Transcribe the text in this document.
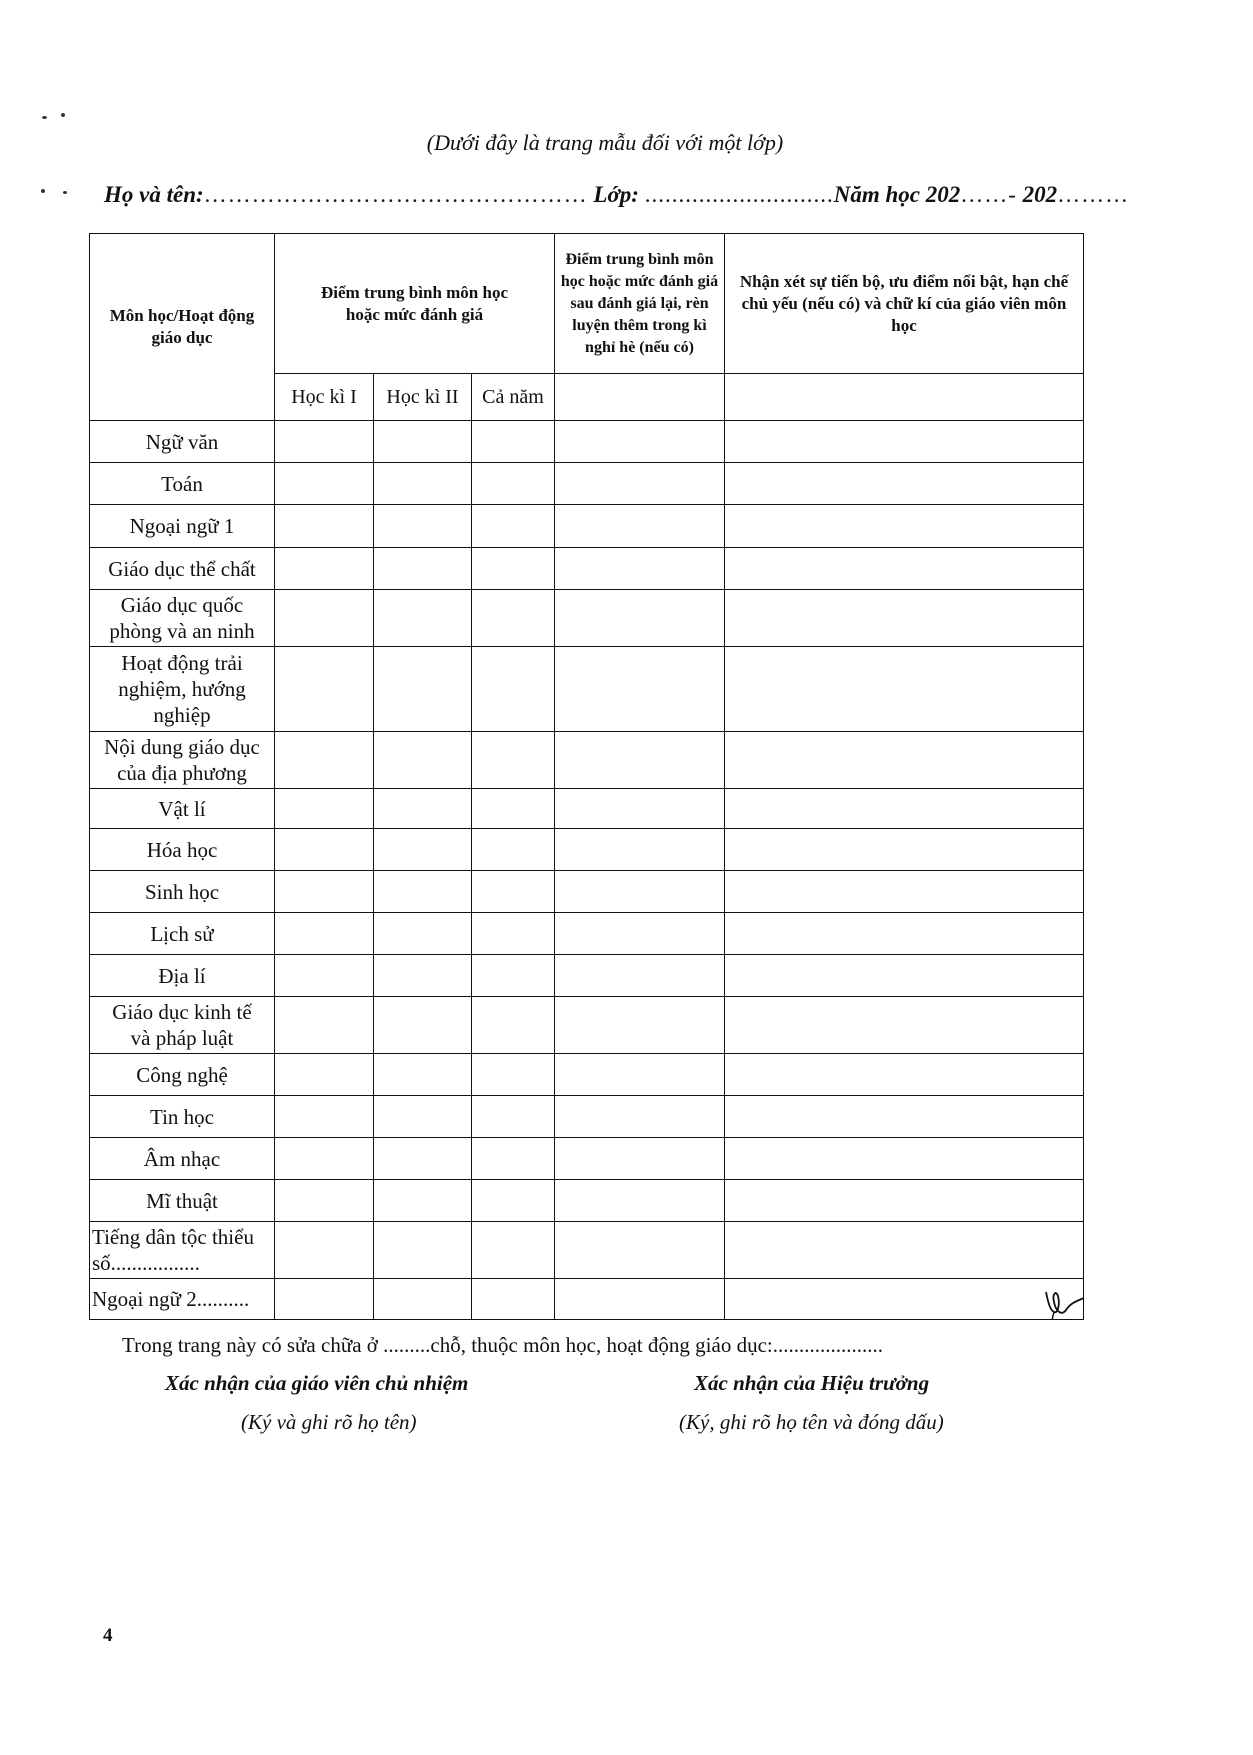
(Dưới đây là trang mẫu đối với một lớp)
Họ và tên:………………………………………… Lớp: ............................Năm học 202……- 202………
Môn học/Hoạt động giáo dục	Điểm trung bình môn học hoặc mức đánh giá			Điểm trung bình môn học hoặc mức đánh giá sau đánh giá lại, rèn luyện thêm trong kì nghỉ hè (nếu có)	Nhận xét sự tiến bộ, ưu điểm nổi bật, hạn chế chủ yếu (nếu có) và chữ kí của giáo viên môn học
	Học kì I	Học kì II	Cả năm		
Ngữ văn					
Toán					
Ngoại ngữ 1					
Giáo dục thể chất					
Giáo dục quốc phòng và an ninh					
Hoạt động trải nghiệm, hướng nghiệp					
Nội dung giáo dục của địa phương					
Vật lí					
Hóa học					
Sinh học					
Lịch sử					
Địa lí					
Giáo dục kinh tế và pháp luật					
Công nghệ					
Tin học					
Âm nhạc					
Mĩ thuật					
Tiếng dân tộc thiểu số.................					
Ngoại ngữ 2..........					
Trong trang này có sửa chữa ở .........chỗ, thuộc môn học, hoạt động giáo dục:.....................
Xác nhận của giáo viên chủ nhiệm
(Ký và ghi rõ họ tên)
Xác nhận của Hiệu trưởng
(Ký, ghi rõ họ tên và đóng dấu)
4
